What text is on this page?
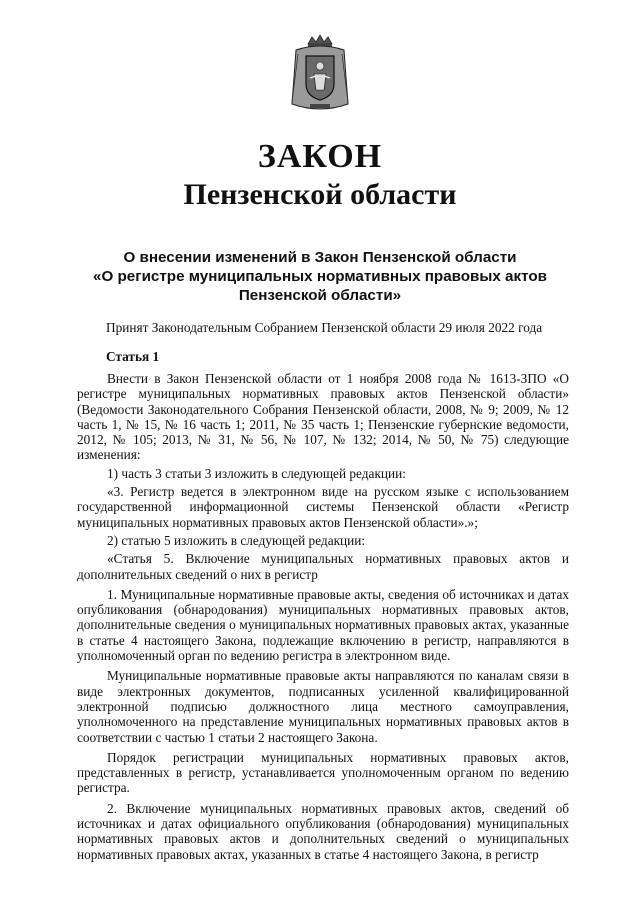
ЗАКОН
Пензенской области
О внесении изменений в Закон Пензенской области
«О регистре муниципальных нормативных правовых актов
Пензенской области»
Принят Законодательным Собранием Пензенской области 29 июля 2022 года
Статья 1

Внести в Закон Пензенской области от 1 ноября 2008 года № 1613-ЗПО «О регистре муниципальных нормативных правовых актов Пензенской области» (Ведомости Законодательного Собрания Пензенской области, 2008, № 9; 2009, № 12 часть 1, № 15, № 16 часть 1; 2011, № 35 часть 1; Пензенские губернские ведомости, 2012, № 105; 2013, № 31, № 56, № 107, № 132; 2014, № 50, № 75) следующие изменения:

1) часть 3 статьи 3 изложить в следующей редакции:

«3. Регистр ведется в электронном виде на русском языке с использованием государственной информационной системы Пензенской области «Регистр муниципальных нормативных правовых актов Пензенской области».»;

2) статью 5 изложить в следующей редакции:

«Статья 5. Включение муниципальных нормативных правовых актов и дополнительных сведений о них в регистр

1. Муниципальные нормативные правовые акты, сведения об источниках и датах опубликования (обнародования) муниципальных нормативных правовых актов, дополнительные сведения о муниципальных нормативных правовых актах, указанные в статье 4 настоящего Закона, подлежащие включению в регистр, направляются в уполномоченный орган по ведению регистра в электронном виде.

Муниципальные нормативные правовые акты направляются по каналам связи в виде электронных документов, подписанных усиленной квалифицированной электронной подписью должностного лица местного самоуправления, уполномоченного на представление муниципальных нормативных правовых актов в соответствии с частью 1 статьи 2 настоящего Закона.

Порядок регистрации муниципальных нормативных правовых актов, представленных в регистр, устанавливается уполномоченным органом по ведению регистра.

2. Включение муниципальных нормативных правовых актов, сведений об источниках и датах официального опубликования (обнародования) муниципальных нормативных правовых актов и дополнительных сведений о муниципальных нормативных правовых актах, указанных в статье 4 настоящего Закона, в регистр
